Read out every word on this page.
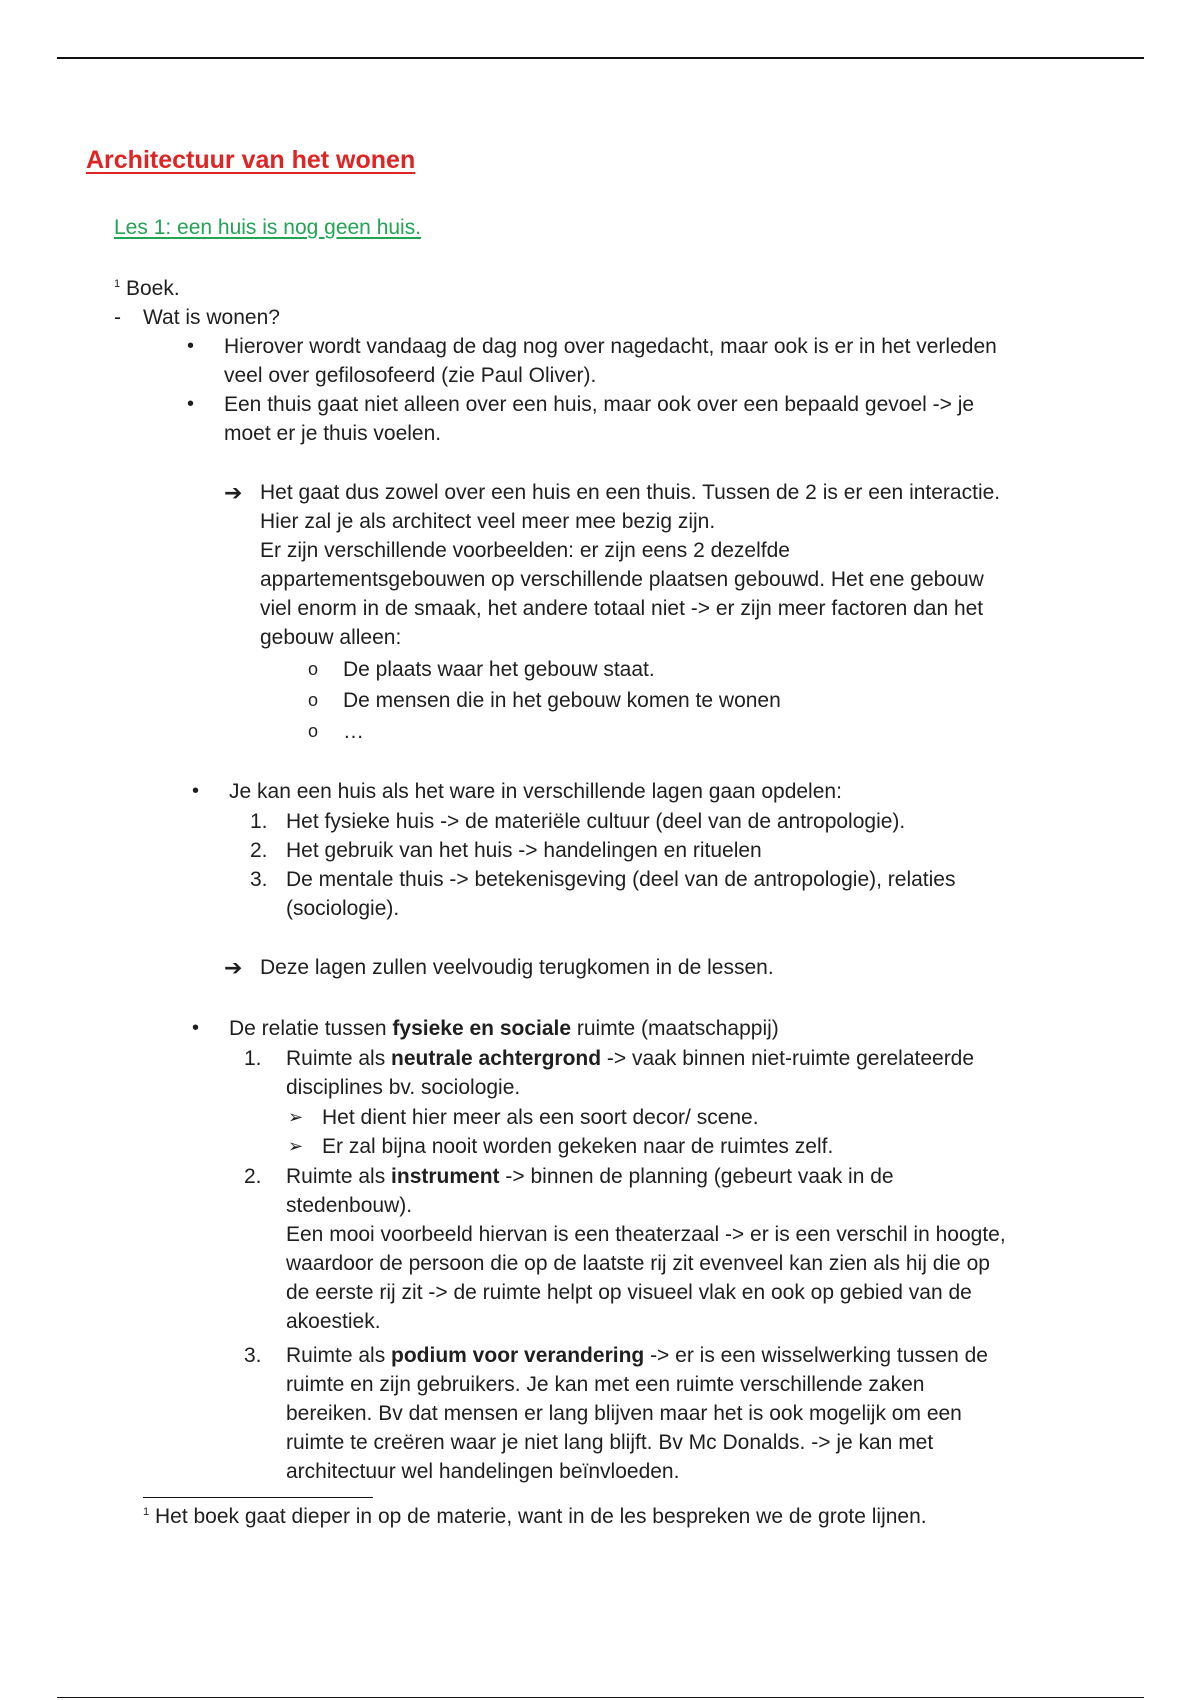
Architectuur van het wonen
Les 1: een huis is nog geen huis.
$^1$ Boek.
- Wat is wonen?
•
Hierover wordt vandaag de dag nog over nagedacht, maar ook is er in het verleden
veel over gefilosofeerd (zie Paul Oliver).
•
Een thuis gaat niet alleen over een huis, maar ook over een bepaald gevoel -> je
moet er je thuis voelen.
➔ Het gaat dus zowel over een huis en een thuis. Tussen de 2 is er een interactie.
Hier zal je als architect veel meer mee bezig zijn.
Er zijn verschillende voorbeelden: er zijn eens 2 dezelfde
appartementsgebouwen op verschillende plaatsen gebouwd. Het ene gebouw
viel enorm in de smaak, het andere totaal niet -> er zijn meer factoren dan het
gebouw alleen:
o
De plaats waar het gebouw staat.
o
De mensen die in het gebouw komen te wonen
o
…
•
Je kan een huis als het ware in verschillende lagen gaan opdelen:
1. Het fysieke huis -> de materiële cultuur (deel van de antropologie).
2. Het gebruik van het huis -> handelingen en rituelen
3. De mentale thuis -> betekenisgeving (deel van de antropologie), relaties
(sociologie).
➔ Deze lagen zullen veelvoudig terugkomen in de lessen.
•
De relatie tussen fysieke en sociale ruimte (maatschappij)
1. Ruimte als neutrale achtergrond -> vaak binnen niet-ruimte gerelateerde
disciplines bv. sociologie.
➢ Het dient hier meer als een soort decor/ scene.
➢ Er zal bijna nooit worden gekeken naar de ruimtes zelf.
2. Ruimte als instrument -> binnen de planning (gebeurt vaak in de
stedenbouw).
Een mooi voorbeeld hiervan is een theaterzaal -> er is een verschil in hoogte,
waardoor de persoon die op de laatste rij zit evenveel kan zien als hij die op
de eerste rij zit -> de ruimte helpt op visueel vlak en ook op gebied van de
akoestiek.
3. Ruimte als podium voor verandering -> er is een wisselwerking tussen de
ruimte en zijn gebruikers. Je kan met een ruimte verschillende zaken
bereiken. Bv dat mensen er lang blijven maar het is ook mogelijk om een
ruimte te creëren waar je niet lang blijft. Bv Mc Donalds. -> je kan met
architectuur wel handelingen beïnvloeden.
$^1$ Het boek gaat dieper in op de materie, want in de les bespreken we de grote lijnen.
